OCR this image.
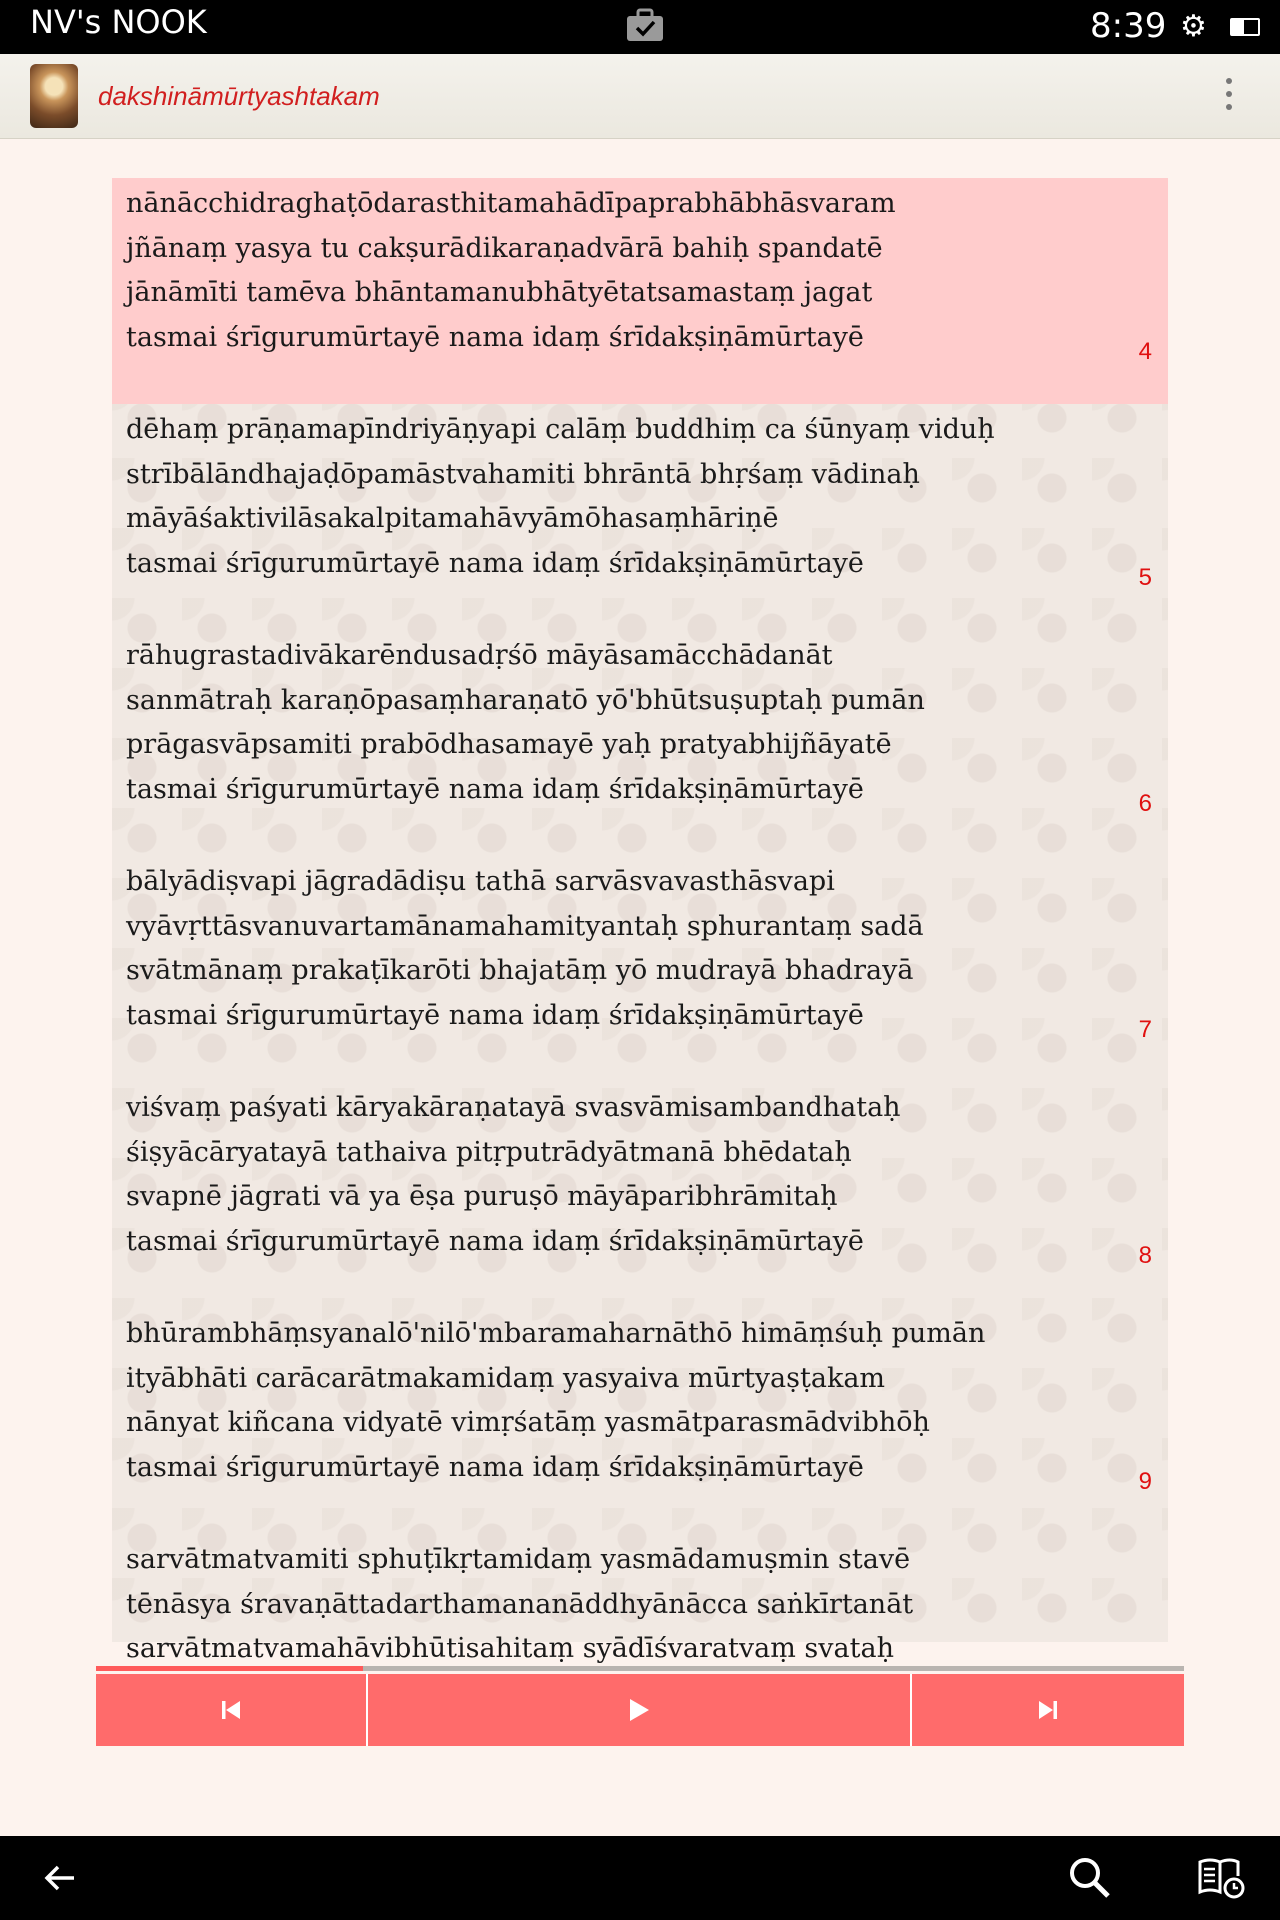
NV's NOOK	8:39 ⚙
dakshināmūrtyashtakam
nānācchidraghaṭōdarasthitamahādīpaprabhābhāsvaram
jñānaṃ yasya tu cakṣurādikaraṇadvārā bahiḥ spandatē
jānāmīti tamēva bhāntamanubhātyētatsamastaṃ jagat
tasmai śrīgurumūrtayē nama idaṃ śrīdakṣiṇāmūrtayē	4
dēhaṃ prāṇamapīndriyāṇyapi calāṃ buddhiṃ ca śūnyaṃ viduḥ
strībālāndhajaḍōpamāstvahamiti bhrāntā bhṛśaṃ vādinaḥ
māyāśaktivilāsakalpitamahāvyāmōhasaṃhāriṇē
tasmai śrīgurumūrtayē nama idaṃ śrīdakṣiṇāmūrtayē	5
rāhugrastadivākarēndusadṛśō māyāsamācchādanāt
sanmātraḥ karaṇōpasaṃharaṇatō yō'bhūtsuṣuptaḥ pumān
prāgasvāpsamiti prabōdhasamayē yaḥ pratyabhijñāyatē
tasmai śrīgurumūrtayē nama idaṃ śrīdakṣiṇāmūrtayē	6
bālyādiṣvapi jāgradādiṣu tathā sarvāsvavasthāsvapi
vyāvṛttāsvanuvartamānamahamityantaḥ sphurantaṃ sadā
svātmānaṃ prakaṭīkarōti bhajatāṃ yō mudrayā bhadrayā
tasmai śrīgurumūrtayē nama idaṃ śrīdakṣiṇāmūrtayē	7
viśvaṃ paśyati kāryakāraṇatayā svasvāmisambandhataḥ
śiṣyācāryatayā tathaiva pitṛputrādyātmanā bhēdataḥ
svapnē jāgrati vā ya ēṣa puruṣō māyāparibhrāmitaḥ
tasmai śrīgurumūrtayē nama idaṃ śrīdakṣiṇāmūrtayē	8
bhūrambhāṃsyanalō'nilō'mbaramaharnāthō himāṃśuḥ pumān
ityābhāti carācarātmakamidaṃ yasyaiva mūrtyaṣṭakam
nānyat kiñcana vidyatē vimṛśatāṃ yasmātparasmādvibhōḥ
tasmai śrīgurumūrtayē nama idaṃ śrīdakṣiṇāmūrtayē	9
sarvātmatvamiti sphuṭīkṛtamidaṃ yasmādamuṣmin stavē
tēnāsya śravaṇāttadarthamananāddhyānācca saṅkīrtanāt
sarvātmatvamahāvibhūtisahitaṃ syādīśvaratvaṃ svataḥ
